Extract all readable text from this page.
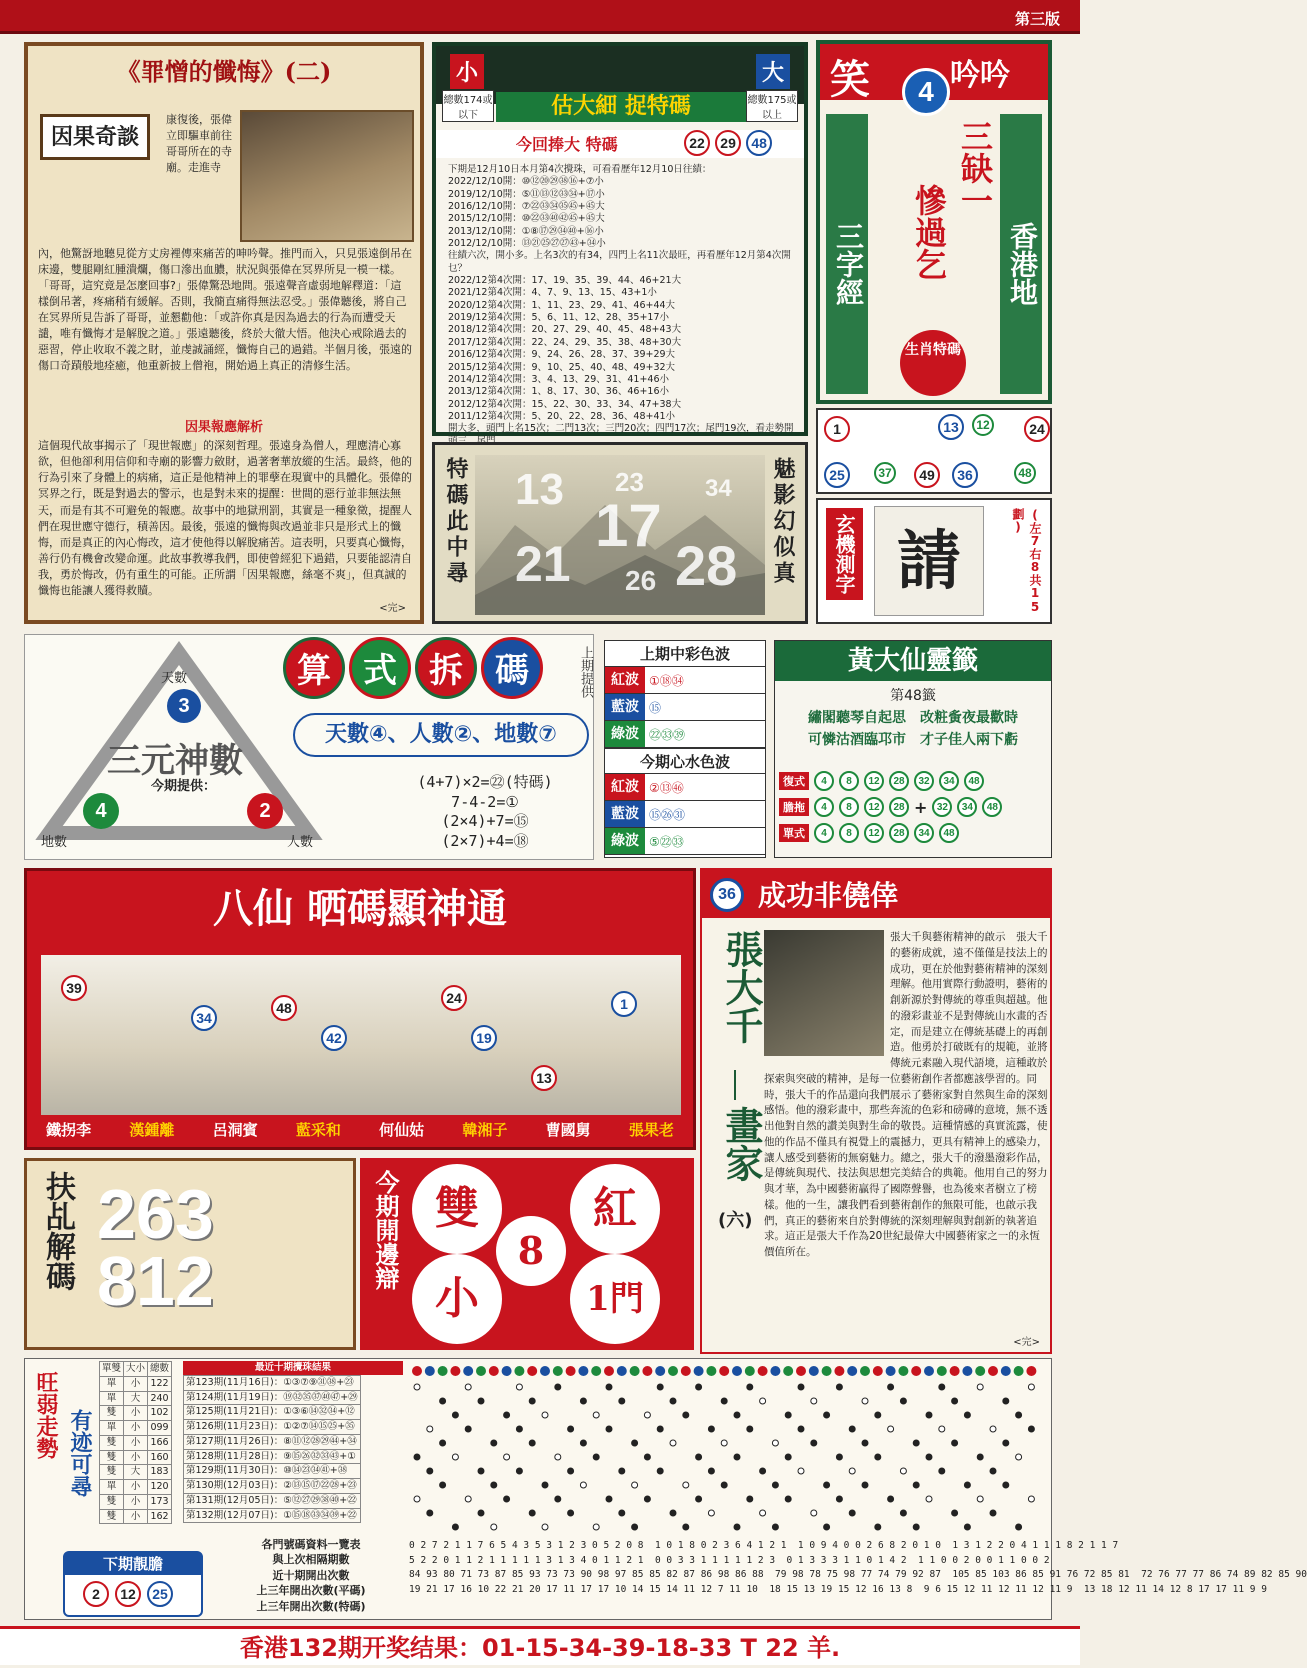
第三版
《罪憎的懺悔》(二)
因果奇談
康復後，張偉立即驅車前往哥哥所在的寺廟。走進寺
內，他驚訝地聽見從方丈房裡傳來痛苦的呻吟聲。推門而入，只見張遠倒吊在床邊，雙腿剛紅腫潰爛，傷口滲出血膿，狀況與張偉在冥界所見一模一樣。「哥哥，這究竟是怎麼回事?」張偉驚恐地問。張遠聲音虛弱地解釋道：「這樣倒吊著，疼痛稍有緩解。否則，我簡直痛得無法忍受。」張偉聽後，將自己在冥界所見告訴了哥哥，並懇勸他：「或許你真是因為過去的行為而遭受天譴，唯有懺悔才是解脫之道。」張遠聽後，終於大徹大悟。他決心戒除過去的惡習，停止收取不義之財，並虔誠誦經，懺悔自己的過錯。半個月後，張遠的傷口奇蹟般地痊癒，他重新披上僧袍，開始過上真正的清修生活。
因果報應解析
這個現代故事揭示了「現世報應」的深刻哲理。張遠身為僧人，理應清心寡欲，但他卻利用信仰和寺廟的影響力斂財，過著奢華放縱的生活。最終，他的行為引來了身體上的病痛，這正是他精神上的罪孽在現實中的具體化。張偉的冥界之行，既是對過去的警示，也是對未來的提醒：世間的惡行並非無法無天，而是有其不可避免的報應。故事中的地獄刑罰，其實是一種象徵，提醒人們在現世應守德行，積善因。最後，張遠的懺悔與改過並非只是形式上的懺悔，而是真正的內心悔改，這才使他得以解脫痛苦。這表明，只要真心懺悔，善行仍有機會改變命運。此故事教導我們，即使曾經犯下過錯，只要能認清自我，勇於悔改，仍有重生的可能。正所謂「因果報應，絲毫不爽」，但真誠的懺悔也能讓人獲得救贖。
<完>
小	大
總數174或以下
總數175或以上
估大細 捉特碼
今回捧大 特碼	22 29 48
下期是12月10日本月第4次攪珠，可看看歷年12月10日往績：
2022/12/10開：⑩⑫⑳㉙㊳⑯+⑦小
2019/12/10開：⑤⑪⑬⑫㉝㉞+⑰小
2016/12/10開：⑦㉒㉝㉞㉟㊺+㊺大
2015/12/10開：⑩㉒㉝㊵㊷㊺+㊺大
2013/12/10開：①⑧⑰㉙㉞㊵+⑯小
2012/12/10開：⑬㉑㉕㉗㉗㊸+㉞小
往績六次，開小多。上名3次的有34，四門上名11次最旺，再看歷年12月第4次開乜？
2022/12第4次開：17、19、35、39、44、46+21大
2021/12第4次開：4、7、9、13、15、43+1小
2020/12第4次開：1、11、23、29、41、46+44大
2019/12第4次開：5、6、11、12、28、35+17小
2018/12第4次開：20、27、29、40、45、48+43大
2017/12第4次開：22、24、29、35、38、48+30大
2016/12第4次開：9、24、26、28、37、39+29大
2015/12第4次開：9、10、25、40、48、49+32大
2014/12第4次開：3、4、13、29、31、41+46小
2013/12第4次開：1、8、17、30、36、46+16小
2012/12第4次開：15、22、30、33、34、47+38大
2011/12第4次開：5、20、22、28、36、48+41小
開大多，頭門上名15次；二門13次；三門20次；四門17次；尾門19次，看走勢開
特碼此中尋	魅影幻似真
13 23	34
17
21 26 28
笑	吟吟
4
三字經	香港地
三缺一
慘過乞
生肖特碼
1	13	12	24
25	37	49	36	48
玄機測字 請	(左7右8共15劃)
三元神數
今期提供：
天數
3
地數
4
人數
2
算 式 拆 碼
天數④、人數②、地數⑦
(4+7)×2=㉒(特碼)
7-4-2=①
(2×4)+7=⑮
(2×7)+4=⑱
上期提供	上期中彩色波
紅波 ①⑱㉞
藍波 ⑮
綠波 ㉒㉝㊴
今期心水色波
紅波 ②⑬㊻
藍波 ⑮㉖㉛
綠波 ⑤㉒㉝
黃大仙靈籤
第48籤
繡閣聽琴自起思　改粧夤夜最歡時
可憐沽酒臨邛市　才子佳人兩下虧
復式	4	8	12	28	32	34	48
膽拖	4	8	12	28 + 32	34	48
單式	4	8	12	28	34	48
八仙 晒碼顯神通
39
34
48
42
24
19
13
1
鐵拐李	漢鍾離	呂洞賓	藍采和	何仙姑	韓湘子	曹國舅	張果老
36 成功非僥倖
張大千
畫家
(六)
張大千與藝術精神的啟示　張大千的藝術成就，遠不僅僅是技法上的成功，更在於他對藝術精神的深刻理解。他用實際行動證明，藝術的創新源於對傳統的尊重與超越。他的潑彩畫並不是對傳統山水畫的否定，而是建立在傳統基礎上的再創造。他勇於打破既有的規範，並將傳統元素融入現代語境，這種敢於探索與突破的精神，是每一位藝術創作者都應該學習的。同時，張大千的作品還向我們展示了藝術家對自然與生命的深刻感悟。他的潑彩畫中，那些奔流的色彩和磅礡的意境，無不透出他對自然的讚美與對生命的敬畏。這種情感的真實流露，使他的作品不僅具有視覺上的震撼力，更具有精神上的感染力，讓人感受到藝術的無窮魅力。總之，張大千的潑墨潑彩作品，是傳統與現代、技法與思想完美結合的典範。他用自己的努力與才華，為中國藝術贏得了國際聲譽，也為後來者樹立了榜樣。他的一生，讓我們看到藝術創作的無限可能，也啟示我們，真正的藝術來自於對傳統的深刻理解與對創新的執著追求。這正是張大千作為20世紀最偉大中國藝術家之一的永恆價值所在。
<完>
扶乩解碼 263
812	今期開邊辯 雙	紅
小	1門
8
旺弱走勢 有迹可尋
單雙	大小	總數
單	小	122
單	大	240
雙	小	102
單	小	099
雙	小	166
雙	小	160
雙	大	183
單	小	120
雙	小	173
雙	小	162
最近十期攪珠結果
第123期(11月16日)：①③⑦⑨㉛㊳+㉓
第124期(11月19日)：⑲㉜㉟㊲㊵㊼+㉙
第125期(11月21日)：①③⑥⑭㉜㉞+⑫
第126期(11月23日)：①②⑦⑭⑮㉕+㉟
第127期(11月26日)：⑧⑪⑫㉘㉙㊹+㉞
第128期(11月28日)：⑨⑮㉖㉜㉝㊸+①
第129期(11月30日)：⑩⑭㉓㉞㊶+㊳
第130期(12月03日)：②⑬⑮⑰㉒㉘+㉓
第131期(12月05日)：⑤⑫㉗㉙㊳㊵+㉒
第132期(12月07日)：①⑮⑱㉝㉞㊴+㉒
下期靚膽
2	12	25
各門號碼資料一覽表
與上次相隔期數
近十期開出次數
上三年開出次數(平碼)
上三年開出次數(特碼)
0 2 7 2 1 1 7 6 5 4 3 5 3 1 2 3 0 5 2 0 8  1 0 1 8 0 2 3 6 4 1 2 1  1 0 9 4 0 0 2 6 8 2 0 1 0  1 3 1 2 2 0 4 1 1 1 8 2 1 1 7
5 2 2 0 1 1 2 1 1 1 1 1 3 1 3 4 0 1 1 2 1  0 0 3 3 1 1 1 1 1 2 3  0 1 3 3 3 1 1 0 1 4 2  1 1 0 0 2 0 0 1 1 0 0 2
84 93 80 71 73 87 85 93 73 73 90 98 97 85 85 82 87 86 98 86 88  79 98 78 75 98 77 74 79 92 87  105 85 103 86 85 91 76 72 85 81  72 76 77 77 86 74 89 82 85 90
19 21 17 16 10 22 21 20 17 11 17 17 10 14 15 14 11 12 7 11 10  18 15 13 19 15 12 16 13 8  9 6 15 12 11 12 11 12 11 9  13 18 12 11 14 12 8 17 17 11 9 9
香港132期开奖结果：01-15-34-39-18-33 T 22 羊.
